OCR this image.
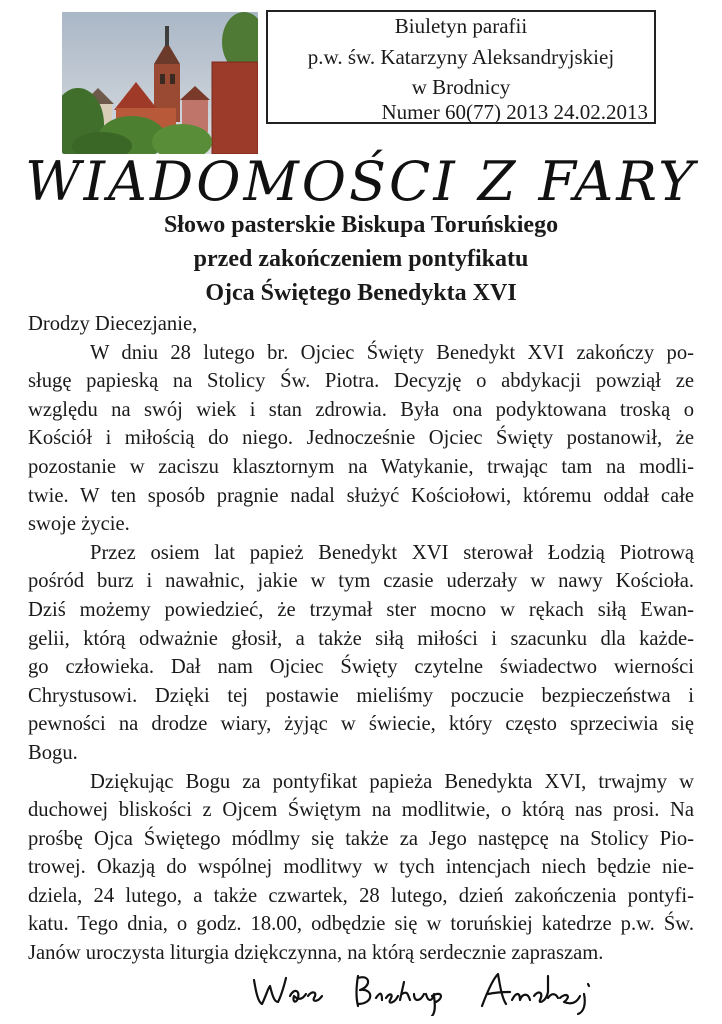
Biuletyn parafii
p.w. św. Katarzyny Aleksandryjskiej
w Brodnicy
Numer 60(77) 2013 24.02.2013
WIADOMOŚCI Z FARY
Słowo pasterskie Biskupa Toruńskiego
przed zakończeniem pontyfikatu
Ojca Świętego Benedykta XVI

Drodzy Diecezjanie,

W dniu 28 lutego br. Ojciec Święty Benedykt XVI zakończy po-
sługę papieską na Stolicy Św. Piotra. Decyzję o abdykacji powziął ze
względu na swój wiek i stan zdrowia. Była ona podyktowana troską o
Kościół i miłością do niego. Jednocześnie Ojciec Święty postanowił, że
pozostanie w zaciszu klasztornym na Watykanie, trwając tam na modli-
twie. W ten sposób pragnie nadal służyć Kościołowi, któremu oddał całe
swoje życie.

Przez osiem lat papież Benedykt XVI sterował Łodzią Piotrową
pośród burz i nawałnic, jakie w tym czasie uderzały w nawy Kościoła.
Dziś możemy powiedzieć, że trzymał ster mocno w rękach siłą Ewan-
gelii, którą odważnie głosił, a także siłą miłości i szacunku dla każde-
go człowieka. Dał nam Ojciec Święty czytelne świadectwo wierności
Chrystusowi. Dzięki tej postawie mieliśmy poczucie bezpieczeństwa i
pewności na drodze wiary, żyjąc w świecie, który często sprzeciwia się
Bogu.

Dziękując Bogu za pontyfikat papieża Benedykta XVI, trwajmy w
duchowej bliskości z Ojcem Świętym na modlitwie, o którą nas prosi. Na
prośbę Ojca Świętego módlmy się także za Jego następcę na Stolicy Pio-
trowej. Okazją do wspólnej modlitwy w tych intencjach niech będzie nie-
dziela, 24 lutego, a także czwartek, 28 lutego, dzień zakończenia pontyfi-
katu. Tego dnia, o godz. 18.00, odbędzie się w toruńskiej katedrze p.w. Św.
Janów uroczysta liturgia dziękczynna, na którą serdecznie zapraszam.
